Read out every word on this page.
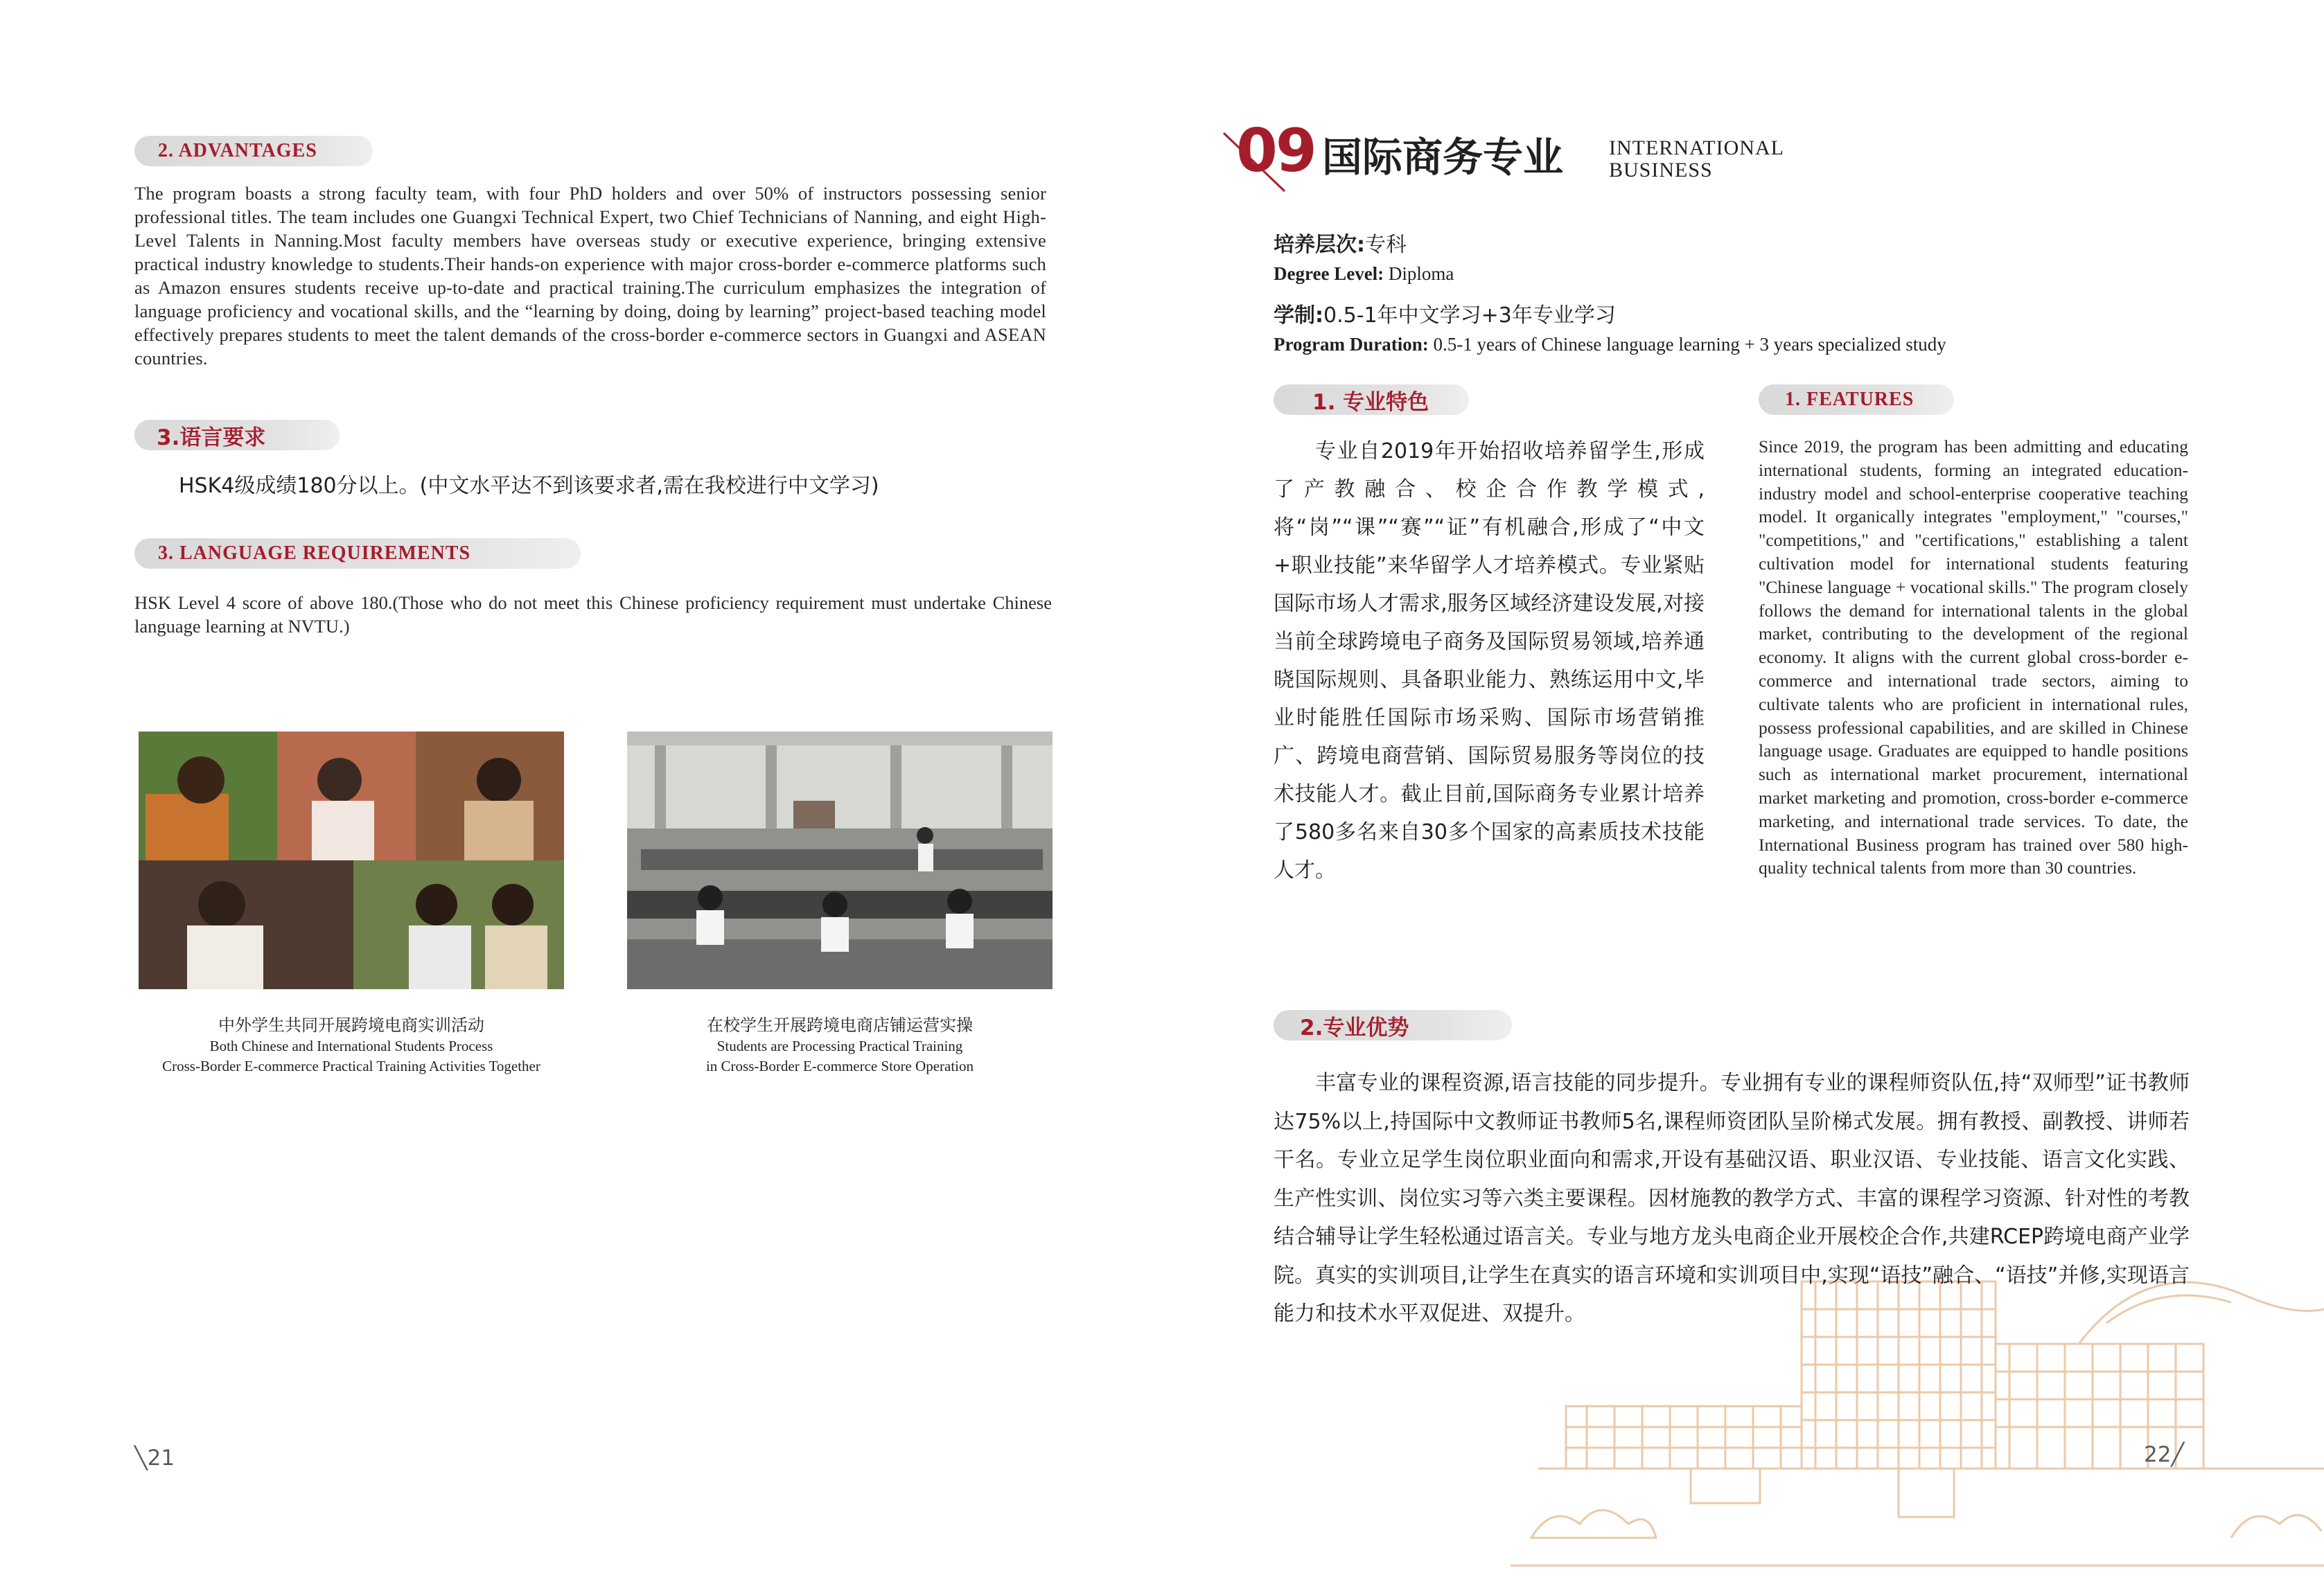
2. ADVANTAGES
The program boasts a strong faculty team, with four PhD holders and over 50% of instructors possessing senior professional titles. The team includes one Guangxi Technical Expert, two Chief Technicians of Nanning, and eight High-Level Talents in Nanning.Most faculty members have overseas study or executive experience, bringing extensive practical industry knowledge to students.Their hands-on experience with major cross-border e-commerce platforms such as Amazon ensures students receive up-to-date and practical training.The curriculum emphasizes the integration of language proficiency and vocational skills, and the “learning by doing, doing by learning” project-based teaching model effectively prepares students to meet the talent demands of the cross-border e-commerce sectors in Guangxi and ASEAN countries.
3.语言要求
HSK4级成绩180分以上。(中文水平达不到该要求者,需在我校进行中文学习)
3. LANGUAGE REQUIREMENTS
HSK Level 4 score of above 180.(Those who do not meet this Chinese proficiency requirement must undertake Chinese language learning at NVTU.)
中外学生共同开展跨境电商实训活动
Both Chinese and International Students Process
Cross-Border E-commerce Practical Training Activities Together
在校学生开展跨境电商店铺运营实操
Students are Processing Practical Training
in Cross-Border E-commerce Store Operation
╲21
09 国际商务专业 INTERNATIONAL
BUSINESS
培养层次:专科
Degree Level: Diploma
学制:0.5-1年中文学习+3年专业学习
Program Duration: 0.5-1 years of Chinese language learning + 3 years specialized study
1. 专业特色	1. FEATURES
专业自2019年开始招收培养留学生,形成了产教融合、校企合作教学模式,将“岗”“课”“赛”“证”有机融合,形成了“中文+职业技能”来华留学人才培养模式。专业紧贴国际市场人才需求,服务区域经济建设发展,对接当前全球跨境电子商务及国际贸易领域,培养通晓国际规则、具备职业能力、熟练运用中文,毕业时能胜任国际市场采购、国际市场营销推广、跨境电商营销、国际贸易服务等岗位的技术技能人才。截止目前,国际商务专业累计培养了580多名来自30多个国家的高素质技术技能人才。
Since 2019, the program has been admitting and educating international students, forming an integrated education-industry model and school-enterprise cooperative teaching model. It organically integrates "employment," "courses," "competitions," and "certifications," establishing a talent cultivation model for international students featuring "Chinese language + vocational skills." The program closely follows the demand for international talents in the global market, contributing to the development of the regional economy. It aligns with the current global cross-border e-commerce and international trade sectors, aiming to cultivate talents who are proficient in international rules, possess professional capabilities, and are skilled in Chinese language usage. Graduates are equipped to handle positions such as international market procurement, international market marketing and promotion, cross-border e-commerce marketing, and international trade services. To date, the International Business program has trained over 580 high-quality technical talents from more than 30 countries.
2.专业优势
丰富专业的课程资源,语言技能的同步提升。专业拥有专业的课程师资队伍,持“双师型”证书教师达75%以上,持国际中文教师证书教师5名,课程师资团队呈阶梯式发展。拥有教授、副教授、讲师若干名。专业立足学生岗位职业面向和需求,开设有基础汉语、职业汉语、专业技能、语言文化实践、生产性实训、岗位实习等六类主要课程。因材施教的教学方式、丰富的课程学习资源、针对性的考教结合辅导让学生轻松通过语言关。专业与地方龙头电商企业开展校企合作,共建RCEP跨境电商产业学院。真实的实训项目,让学生在真实的语言环境和实训项目中,实现“语技”融合、“语技”并修,实现语言能力和技术水平双促进、双提升。
22╱
